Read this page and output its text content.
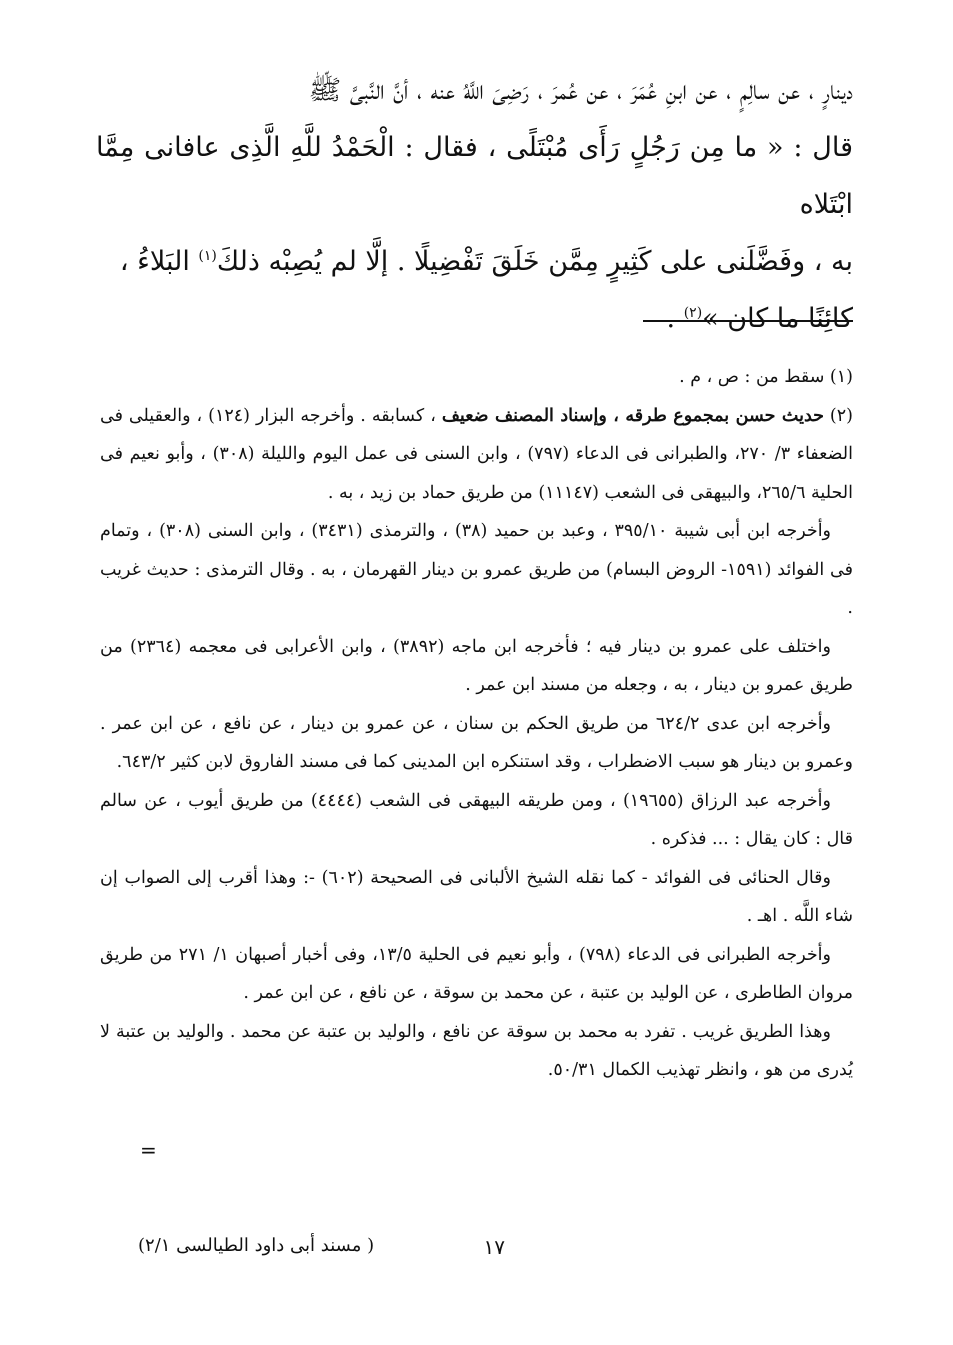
دينارٍ ، عن سالِمٍ ، عن ابنِ عُمَرَ ، عن عُمرَ ، رَضِىَ اللَّهُ عنه ، أنَّ النَّبىَّ ﷺ

قال : « ما مِن رَجُلٍ رَأَى مُبْتَلًى ، فقال : الْحَمْدُ للَّهِ الَّذِى عافانى مِمَّا ابْتَلاه

به ، وفَضَّلَنى على كَثِيرٍ مِمَّن خَلَقَ تَفْضِيلًا . إلَّا لم يُصِبْه ذلكَ$^{(١)}$ البَلاءُ ،

كائِنًا ما كان »$^{(٢)}$ .

(١) سقط من : ص ، م .

(٢) حديث حسن بمجموع طرقه ، وإسناد المصنف ضعيف ، كسابقه . وأخرجه البزار (١٢٤) ، والعقيلى فى الضعفاء ٣/ ٢٧٠، والطبرانى فى الدعاء (٧٩٧) ، وابن السنى فى عمل اليوم والليلة (٣٠٨) ، وأبو نعيم فى الحلية ٢٦٥/٦، والبيهقى فى الشعب (١١١٤٧) من طريق حماد بن زيد ، به .

وأخرجه ابن أبى شيبة ٣٩٥/١٠ ، وعبد بن حميد (٣٨) ، والترمذى (٣٤٣١) ، وابن السنى (٣٠٨) ، وتمام فى الفوائد (١٥٩١- الروض البسام) من طريق عمرو بن دينار القهرمان ، به . وقال الترمذى : حديث غريب .

واختلف على عمرو بن دينار فيه ؛ فأخرجه ابن ماجه (٣٨٩٢) ، وابن الأعرابى فى معجمه (٢٣٦٤) من طريق عمرو بن دينار ، به ، وجعله من مسند ابن عمر .

وأخرجه ابن عدى ٦٢٤/٢ من طريق الحكم بن سنان ، عن عمرو بن دينار ، عن نافع ، عن ابن عمر . وعمرو بن دينار هو سبب الاضطراب ، وقد استنكره ابن المدينى كما فى مسند الفاروق لابن كثير ٦٤٣/٢.

وأخرجه عبد الرزاق (١٩٦٥٥) ، ومن طريقه البيهقى فى الشعب (٤٤٤٤) من طريق أيوب ، عن سالم قال : كان يقال : ... فذكره .

وقال الحنائى فى الفوائد - كما نقله الشيخ الألبانى فى الصحيحة (٦٠٢) -: وهذا أقرب إلى الصواب إن شاء اللَّه . اهـ .

وأخرجه الطبرانى فى الدعاء (٧٩٨) ، وأبو نعيم فى الحلية ١٣/٥، وفى أخبار أصبهان ١/ ٢٧١ من طريق مروان الطاطرى ، عن الوليد بن عتبة ، عن محمد بن سوقة ، عن نافع ، عن ابن عمر .

وهذا الطريق غريب . تفرد به محمد بن سوقة عن نافع ، والوليد بن عتبة عن محمد . والوليد بن عتبة لا يُدرى من هو ، وانظر تهذيب الكمال ٥٠/٣١.

=
١٧
( مسند أبى داود الطيالسى ٢/١)
